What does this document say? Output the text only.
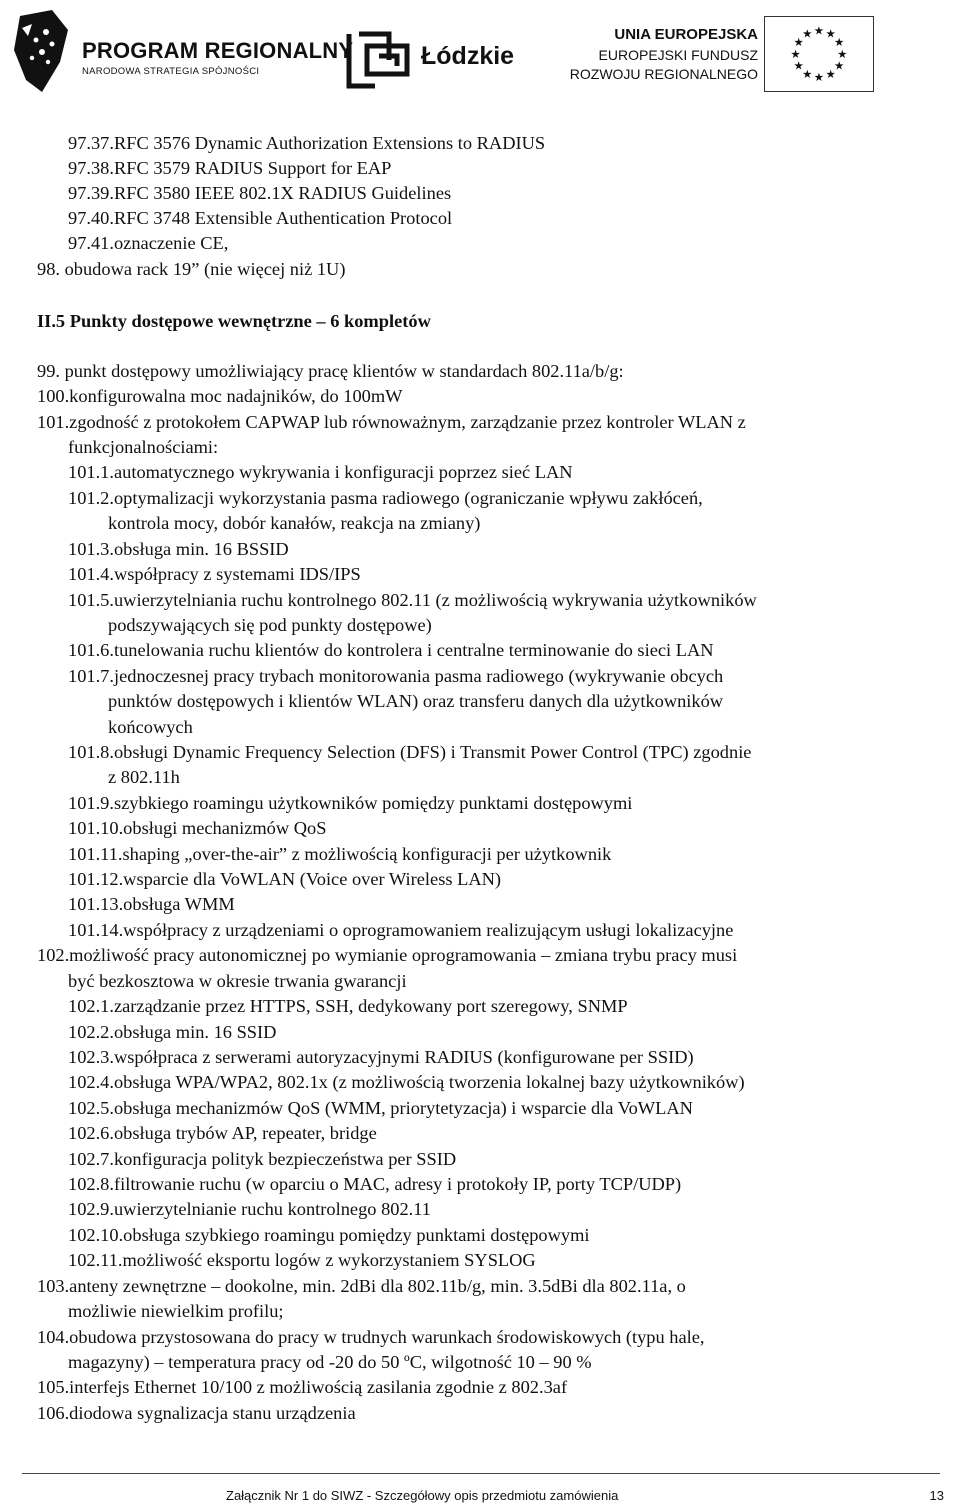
PROGRAM REGIONALNY
NARODOWA STRATEGIA SPÓJNOŚCI
Łódzkie
UNIA EUROPEJSKA
EUROPEJSKI FUNDUSZ
ROZWOJU REGIONALNEGO
★ ★
★
★
★
★
★
★
★
★
★
★
97.37.RFC 3576 Dynamic Authorization Extensions to RADIUS
97.38.RFC 3579 RADIUS Support for EAP
97.39.RFC 3580 IEEE 802.1X RADIUS Guidelines
97.40.RFC 3748 Extensible Authentication Protocol
97.41.oznaczenie CE,
98. obudowa rack 19” (nie więcej niż 1U)
II.5 Punkty dostępowe wewnętrzne – 6 kompletów
99. punkt dostępowy umożliwiający pracę klientów w standardach 802.11a/b/g:
100.konfigurowalna moc nadajników, do 100mW
101.zgodność z protokołem CAPWAP lub równoważnym, zarządzanie przez kontroler WLAN z
funkcjonalnościami:
101.1.automatycznego wykrywania i konfiguracji poprzez sieć LAN
101.2.optymalizacji wykorzystania pasma radiowego (ograniczanie wpływu zakłóceń,
kontrola mocy, dobór kanałów, reakcja na zmiany)
101.3.obsługa min. 16 BSSID
101.4.współpracy z systemami IDS/IPS
101.5.uwierzytelniania ruchu kontrolnego 802.11 (z możliwością wykrywania użytkowników
podszywających się pod punkty dostępowe)
101.6.tunelowania ruchu klientów do kontrolera i centralne terminowanie do sieci LAN
101.7.jednoczesnej pracy trybach monitorowania pasma radiowego (wykrywanie obcych
punktów dostępowych i klientów WLAN) oraz transferu danych dla użytkowników
końcowych
101.8.obsługi Dynamic Frequency Selection (DFS) i Transmit Power Control (TPC) zgodnie
z 802.11h
101.9.szybkiego roamingu użytkowników pomiędzy punktami dostępowymi
101.10.obsługi mechanizmów QoS
101.11.shaping „over-the-air” z możliwością konfiguracji per użytkownik
101.12.wsparcie dla VoWLAN (Voice over Wireless LAN)
101.13.obsługa WMM
101.14.współpracy z urządzeniami o oprogramowaniem realizującym usługi lokalizacyjne
102.możliwość pracy autonomicznej po wymianie oprogramowania – zmiana trybu pracy musi
być bezkosztowa w okresie trwania gwarancji
102.1.zarządzanie przez HTTPS, SSH, dedykowany port szeregowy, SNMP
102.2.obsługa min. 16 SSID
102.3.współpraca z serwerami autoryzacyjnymi RADIUS (konfigurowane per SSID)
102.4.obsługa WPA/WPA2, 802.1x (z możliwością tworzenia lokalnej bazy użytkowników)
102.5.obsługa mechanizmów QoS (WMM, priorytetyzacja) i wsparcie dla VoWLAN
102.6.obsługa trybów AP, repeater, bridge
102.7.konfiguracja polityk bezpieczeństwa per SSID
102.8.filtrowanie ruchu (w oparciu o MAC, adresy i protokoły IP, porty TCP/UDP)
102.9.uwierzytelnianie ruchu kontrolnego 802.11
102.10.obsługa szybkiego roamingu pomiędzy punktami dostępowymi
102.11.możliwość eksportu logów z wykorzystaniem SYSLOG
103.anteny zewnętrzne – dookolne, min. 2dBi dla 802.11b/g, min. 3.5dBi dla 802.11a, o
możliwie niewielkim profilu;
104.obudowa przystosowana do pracy w trudnych warunkach środowiskowych (typu hale,
magazyny) – temperatura pracy od -20 do 50 ºC, wilgotność 10 – 90 %
105.interfejs Ethernet 10/100 z możliwością zasilania zgodnie z 802.3af
106.diodowa sygnalizacja stanu urządzenia
Załącznik Nr 1 do SIWZ - Szczegółowy opis przedmiotu zamówienia	13
